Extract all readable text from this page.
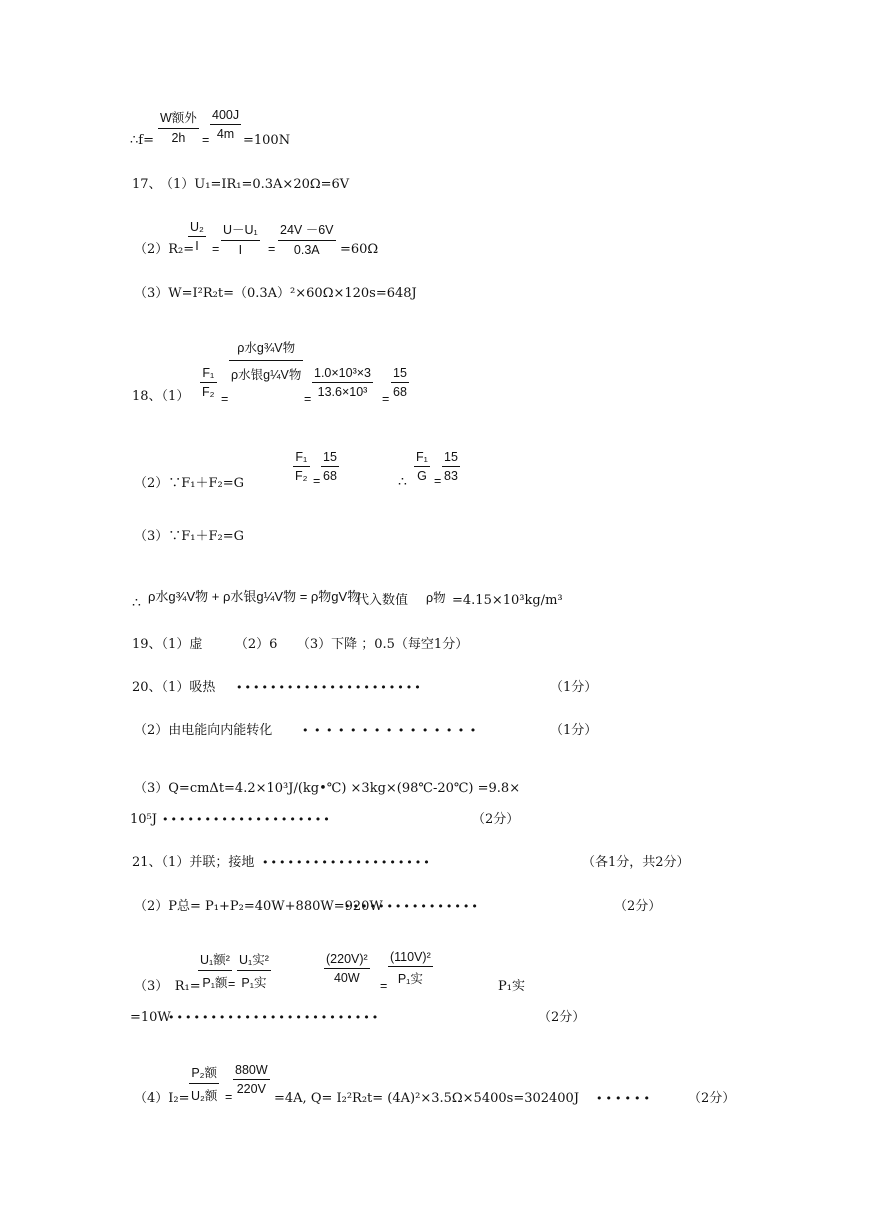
∴f=
W额外
2h	= $\frac{400J}{4m} =100N$
17、
（1）U₁=IR₁=0.3A×20Ω=6V
（2）R₂=
$\frac{\text{U₂}}{I} = \frac{\text{U－U₁}}{I} = \frac{24V -6V}{0.3A} =60\Omega$
（3）W=I²R₂t=（0.3A）²×60Ω×120s=648J
18、$(1) \frac{\text{F₁}}{\text{F₂}}$ =
ρ水g¾V物
ρ水银g¼V物
= $\frac{\text{1.0×10³×3}}{\text{13.6×10³}} = \frac{15}{68}$
（2）∵F₁＋F₂=G
$\frac{\text{F₁}}{\text{F₂}} = \frac{15}{68}$	∴ $\frac{\text{F₁}}{G} = \frac{15}{83}$
（3）∵F₁＋F₂=G
∴ ρ水g¾V物 + ρ水银g¼V物 = ρ物gV物
代入数值 ρ物 =4.15×10³kg/m³
19、（1）虚　　　（2）6　　（3）下降 ；0.5（每空1分）
20、（1）吸热 ••••••••••••••••••••••	（1分）
（2）由电能向内能转化	• • • • • • • • • • • • • • •	（1分）
（3）Q=cmΔt=4.2×10³J/(kg•℃) ×3kg×(98℃-20℃) =9.8×
10⁵J ••••••••••••••••••••	（2分）
21、（1）并联；接地 ••••••••••••••••••••	（各1分，共2分）
（2）P总= P₁+P₂=40W+880W=920W
••••••••••••••••	（2分）
（3）　R₁=
U₁额²
P₁额 =
U₁实²
P₁实	$\frac{\text{(220V)²}}{40W}$
=
(110V)²
P₁实	P₁实
=10W
•••••••••••••••••••••••••	（2分）
（4）I₂=
P₂额
U₂额 =
$\frac{880W}{220V}$
=4A, Q= I₂²R₂t= (4A)²×3.5Ω×5400s=302400J ••••••	（2分）
